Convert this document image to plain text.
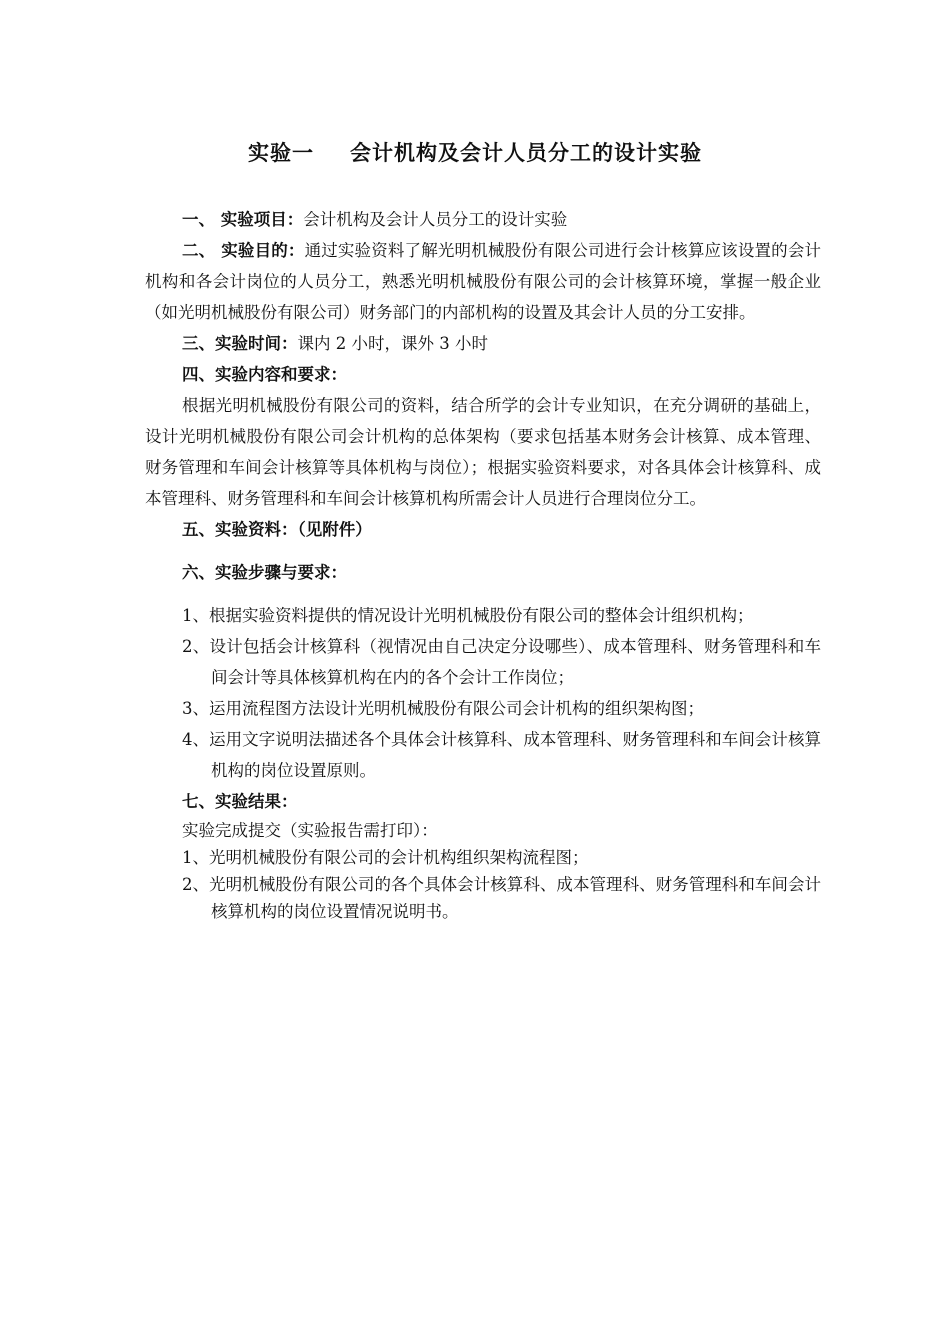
实验一 会计机构及会计人员分工的设计实验

一、 实验项目：会计机构及会计人员分工的设计实验

二、 实验目的：通过实验资料了解光明机械股份有限公司进行会计核算应该设置的会计机构和各会计岗位的人员分工，熟悉光明机械股份有限公司的会计核算环境，掌握一般企业（如光明机械股份有限公司）财务部门的内部机构的设置及其会计人员的分工安排。

三、实验时间：课内 2 小时，课外 3 小时

四、实验内容和要求：

根据光明机械股份有限公司的资料，结合所学的会计专业知识，在充分调研的基础上，设计光明机械股份有限公司会计机构的总体架构（要求包括基本财务会计核算、成本管理、财务管理和车间会计核算等具体机构与岗位）；根据实验资料要求，对各具体会计核算科、成本管理科、财务管理科和车间会计核算机构所需会计人员进行合理岗位分工。

五、实验资料：（见附件）

六、实验步骤与要求：

1、根据实验资料提供的情况设计光明机械股份有限公司的整体会计组织机构；

2、设计包括会计核算科（视情况由自己决定分设哪些）、成本管理科、财务管理科和车间会计等具体核算机构在内的各个会计工作岗位；

3、运用流程图方法设计光明机械股份有限公司会计机构的组织架构图；

4、运用文字说明法描述各个具体会计核算科、成本管理科、财务管理科和车间会计核算机构的岗位设置原则。

七、实验结果：

实验完成提交（实验报告需打印）：

1、光明机械股份有限公司的会计机构组织架构流程图；

2、光明机械股份有限公司的各个具体会计核算科、成本管理科、财务管理科和车间会计核算机构的岗位设置情况说明书。
